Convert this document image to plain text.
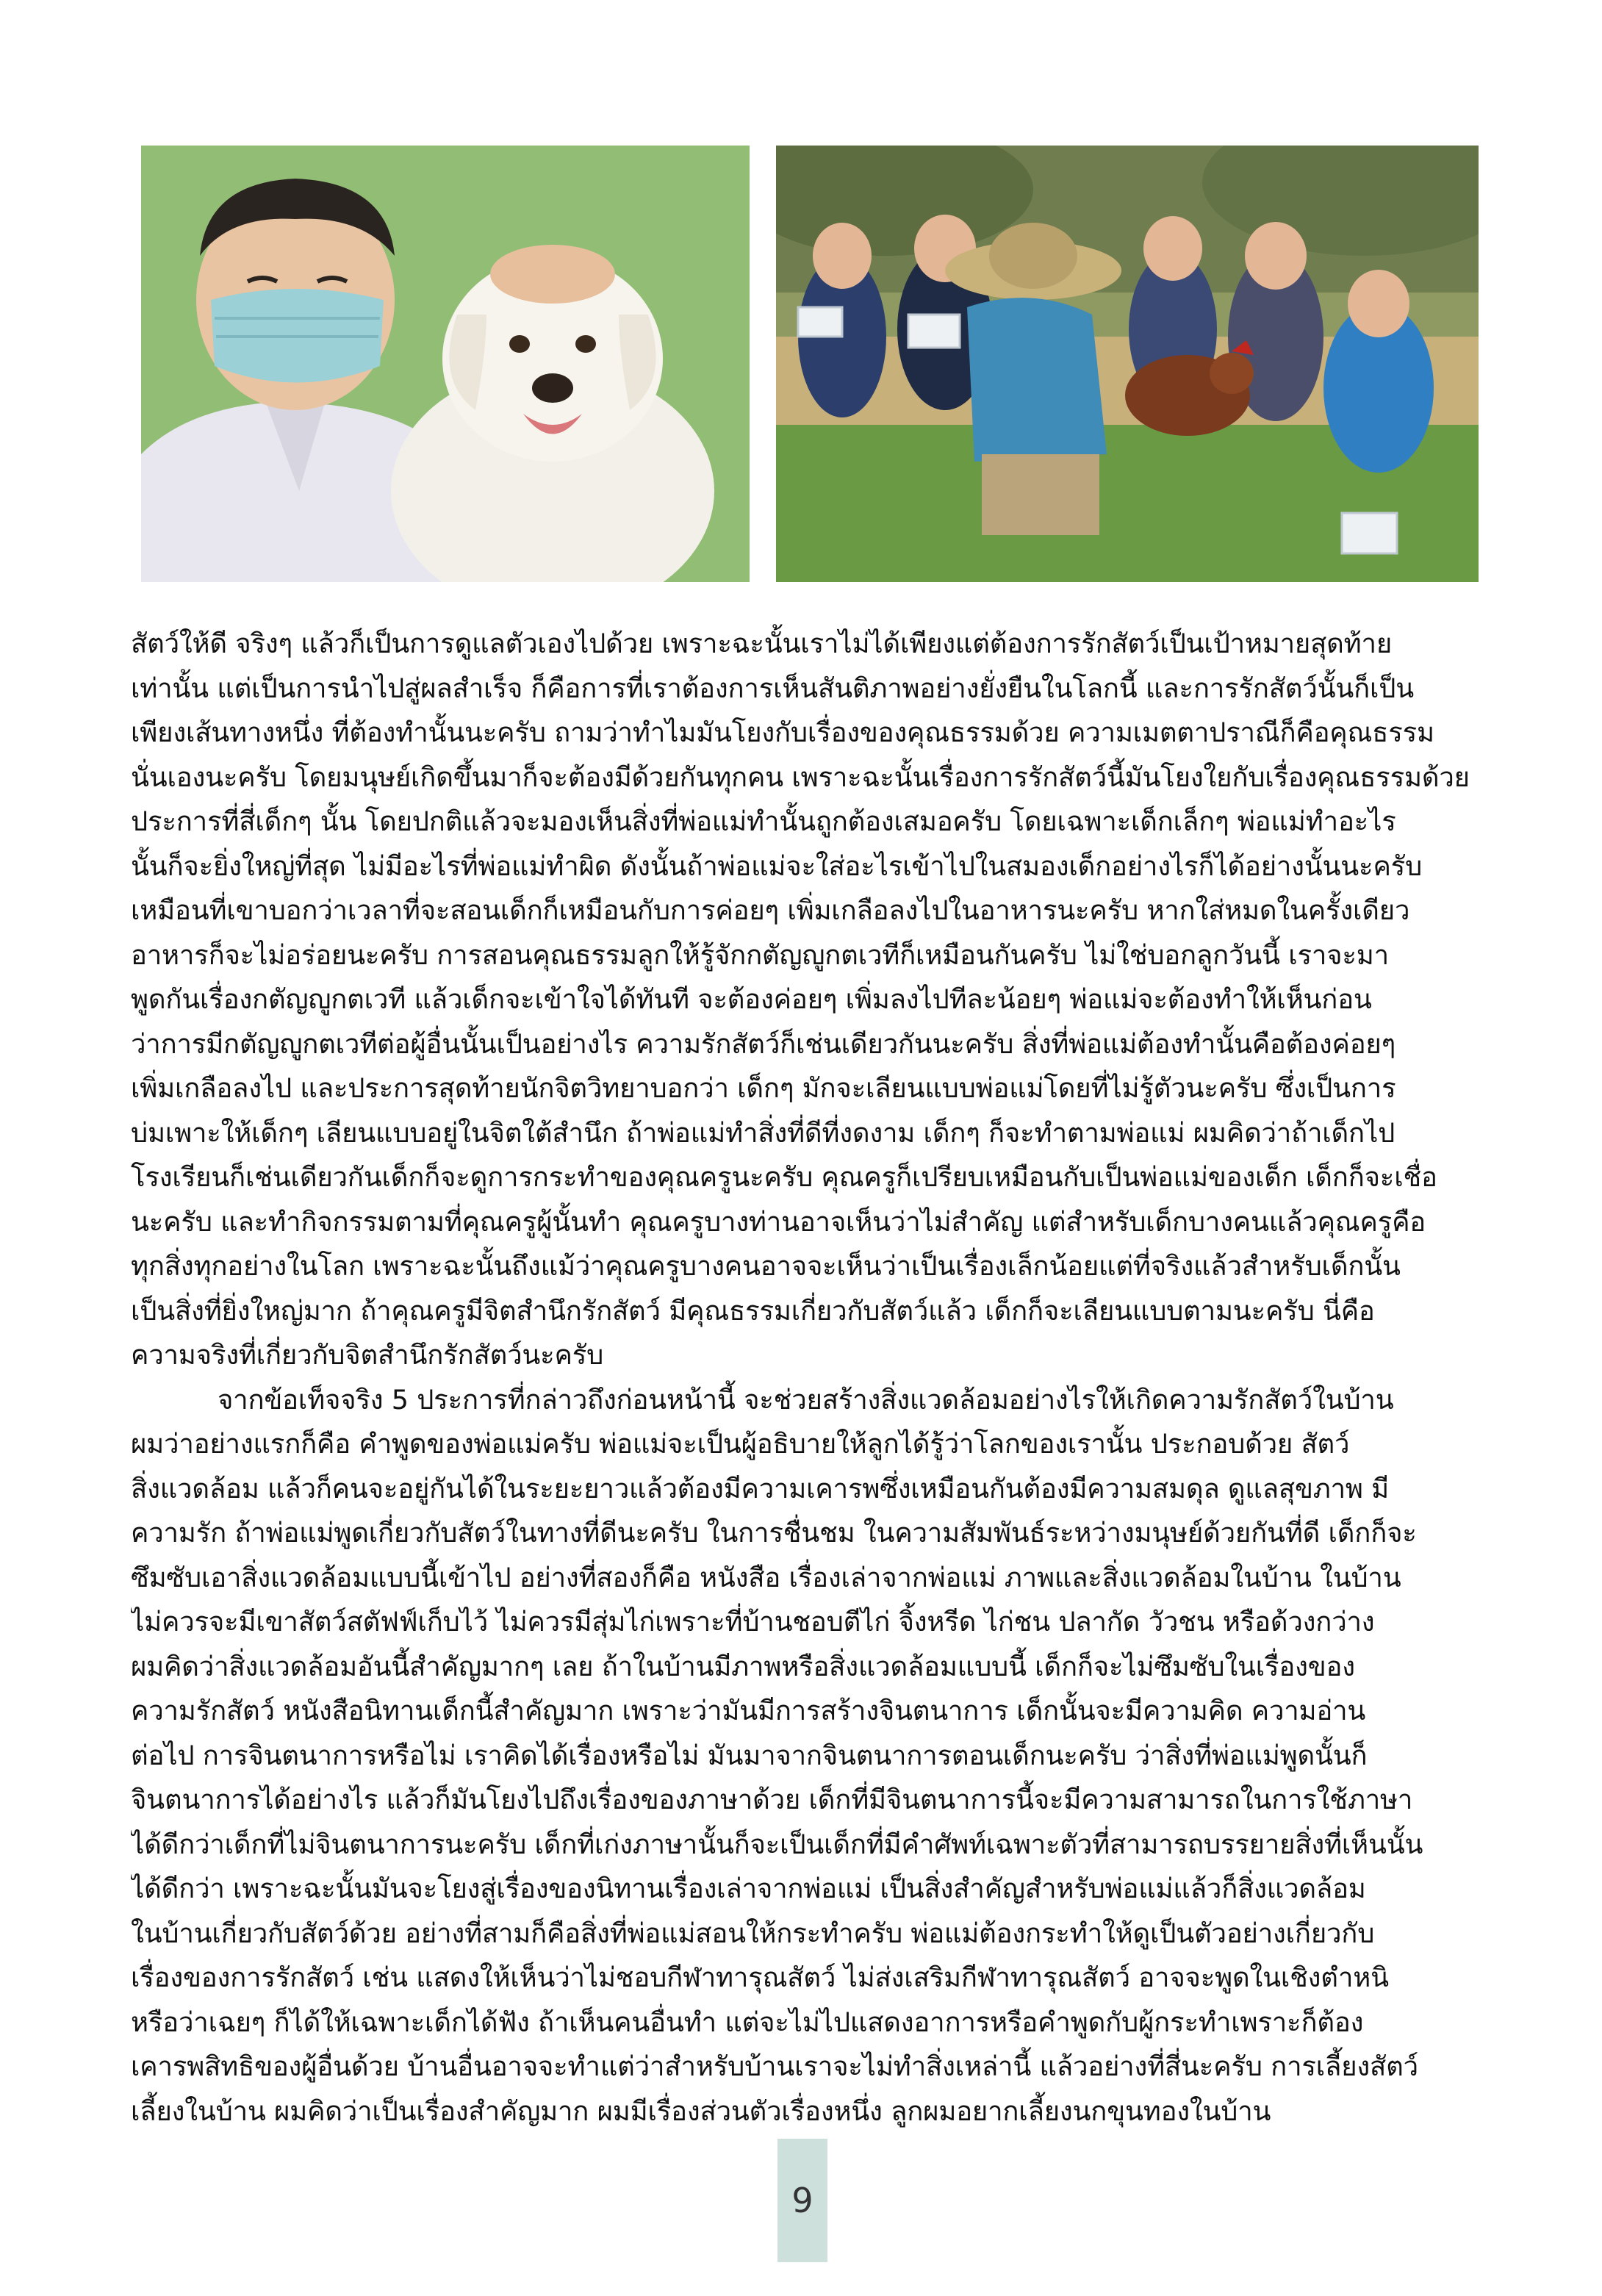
สัตว์ให้ดี จริงๆ แล้วก็เป็นการดูแลตัวเองไปด้วย เพราะฉะนั้นเราไม่ได้เพียงแต่ต้องการรักสัตว์เป็นเป้าหมายสุดท้าย
เท่านั้น แต่เป็นการนำไปสู่ผลสำเร็จ ก็คือการที่เราต้องการเห็นสันติภาพอย่างยั่งยืนในโลกนี้ และการรักสัตว์นั้นก็เป็น
เพียงเส้นทางหนึ่ง ที่ต้องทำนั้นนะครับ ถามว่าทำไมมันโยงกับเรื่องของคุณธรรมด้วย ความเมตตาปราณีก็คือคุณธรรม
นั่นเองนะครับ โดยมนุษย์เกิดขึ้นมาก็จะต้องมีด้วยกันทุกคน เพราะฉะนั้นเรื่องการรักสัตว์นี้มันโยงใยกับเรื่องคุณธรรมด้วย
ประการที่สี่เด็กๆ นั้น โดยปกติแล้วจะมองเห็นสิ่งที่พ่อแม่ทำนั้นถูกต้องเสมอครับ โดยเฉพาะเด็กเล็กๆ พ่อแม่ทำอะไร
นั้นก็จะยิ่งใหญ่ที่สุด ไม่มีอะไรที่พ่อแม่ทำผิด ดังนั้นถ้าพ่อแม่จะใส่อะไรเข้าไปในสมองเด็กอย่างไรก็ได้อย่างนั้นนะครับ
เหมือนที่เขาบอกว่าเวลาที่จะสอนเด็กก็เหมือนกับการค่อยๆ เพิ่มเกลือลงไปในอาหารนะครับ หากใส่หมดในครั้งเดียว
อาหารก็จะไม่อร่อยนะครับ การสอนคุณธรรมลูกให้รู้จักกตัญญูกตเวทีก็เหมือนกันครับ ไม่ใช่บอกลูกวันนี้ เราจะมา
พูดกันเรื่องกตัญญูกตเวที แล้วเด็กจะเข้าใจได้ทันที จะต้องค่อยๆ เพิ่มลงไปทีละน้อยๆ พ่อแม่จะต้องทำให้เห็นก่อน
ว่าการมีกตัญญูกตเวทีต่อผู้อื่นนั้นเป็นอย่างไร ความรักสัตว์ก็เช่นเดียวกันนะครับ สิ่งที่พ่อแม่ต้องทำนั้นคือต้องค่อยๆ
เพิ่มเกลือลงไป และประการสุดท้ายนักจิตวิทยาบอกว่า เด็กๆ มักจะเลียนแบบพ่อแม่โดยที่ไม่รู้ตัวนะครับ ซึ่งเป็นการ
บ่มเพาะให้เด็กๆ เลียนแบบอยู่ในจิตใต้สำนึก ถ้าพ่อแม่ทำสิ่งที่ดีที่งดงาม เด็กๆ ก็จะทำตามพ่อแม่ ผมคิดว่าถ้าเด็กไป
โรงเรียนก็เช่นเดียวกันเด็กก็จะดูการกระทำของคุณครูนะครับ คุณครูก็เปรียบเหมือนกับเป็นพ่อแม่ของเด็ก เด็กก็จะเชื่อ
นะครับ และทำกิจกรรมตามที่คุณครูผู้นั้นทำ คุณครูบางท่านอาจเห็นว่าไม่สำคัญ แต่สำหรับเด็กบางคนแล้วคุณครูคือ
ทุกสิ่งทุกอย่างในโลก เพราะฉะนั้นถึงแม้ว่าคุณครูบางคนอาจจะเห็นว่าเป็นเรื่องเล็กน้อยแต่ที่จริงแล้วสำหรับเด็กนั้น
เป็นสิ่งที่ยิ่งใหญ่มาก ถ้าคุณครูมีจิตสำนึกรักสัตว์ มีคุณธรรมเกี่ยวกับสัตว์แล้ว เด็กก็จะเลียนแบบตามนะครับ นี่คือ
ความจริงที่เกี่ยวกับจิตสำนึกรักสัตว์นะครับ
จากข้อเท็จจริง 5 ประการที่กล่าวถึงก่อนหน้านี้ จะช่วยสร้างสิ่งแวดล้อมอย่างไรให้เกิดความรักสัตว์ในบ้าน
ผมว่าอย่างแรกก็คือ คำพูดของพ่อแม่ครับ พ่อแม่จะเป็นผู้อธิบายให้ลูกได้รู้ว่าโลกของเรานั้น ประกอบด้วย สัตว์
สิ่งแวดล้อม แล้วก็คนจะอยู่กันได้ในระยะยาวแล้วต้องมีความเคารพซึ่งเหมือนกันต้องมีความสมดุล ดูแลสุขภาพ มี
ความรัก ถ้าพ่อแม่พูดเกี่ยวกับสัตว์ในทางที่ดีนะครับ ในการชื่นชม ในความสัมพันธ์ระหว่างมนุษย์ด้วยกันที่ดี เด็กก็จะ
ซึมซับเอาสิ่งแวดล้อมแบบนี้เข้าไป อย่างที่สองก็คือ หนังสือ เรื่องเล่าจากพ่อแม่ ภาพและสิ่งแวดล้อมในบ้าน ในบ้าน
ไม่ควรจะมีเขาสัตว์สตัฟฟ์เก็บไว้ ไม่ควรมีสุ่มไก่เพราะที่บ้านชอบตีไก่ จิ้งหรีด ไก่ชน ปลากัด วัวชน หรือด้วงกว่าง
ผมคิดว่าสิ่งแวดล้อมอันนี้สำคัญมากๆ เลย ถ้าในบ้านมีภาพหรือสิ่งแวดล้อมแบบนี้ เด็กก็จะไม่ซึมซับในเรื่องของ
ความรักสัตว์ หนังสือนิทานเด็กนี้สำคัญมาก เพราะว่ามันมีการสร้างจินตนาการ เด็กนั้นจะมีความคิด ความอ่าน
ต่อไป การจินตนาการหรือไม่ เราคิดได้เรื่องหรือไม่ มันมาจากจินตนาการตอนเด็กนะครับ ว่าสิ่งที่พ่อแม่พูดนั้นก็
จินตนาการได้อย่างไร แล้วก็มันโยงไปถึงเรื่องของภาษาด้วย เด็กที่มีจินตนาการนี้จะมีความสามารถในการใช้ภาษา
ได้ดีกว่าเด็กที่ไม่จินตนาการนะครับ เด็กที่เก่งภาษานั้นก็จะเป็นเด็กที่มีคำศัพท์เฉพาะตัวที่สามารถบรรยายสิ่งที่เห็นนั้น
ได้ดีกว่า เพราะฉะนั้นมันจะโยงสู่เรื่องของนิทานเรื่องเล่าจากพ่อแม่ เป็นสิ่งสำคัญสำหรับพ่อแม่แล้วก็สิ่งแวดล้อม
ในบ้านเกี่ยวกับสัตว์ด้วย อย่างที่สามก็คือสิ่งที่พ่อแม่สอนให้กระทำครับ พ่อแม่ต้องกระทำให้ดูเป็นตัวอย่างเกี่ยวกับ
เรื่องของการรักสัตว์ เช่น แสดงให้เห็นว่าไม่ชอบกีฬาทารุณสัตว์ ไม่ส่งเสริมกีฬาทารุณสัตว์ อาจจะพูดในเชิงตำหนิ
หรือว่าเฉยๆ ก็ได้ให้เฉพาะเด็กได้ฟัง ถ้าเห็นคนอื่นทำ แต่จะไม่ไปแสดงอาการหรือคำพูดกับผู้กระทำเพราะก็ต้อง
เคารพสิทธิของผู้อื่นด้วย บ้านอื่นอาจจะทำแต่ว่าสำหรับบ้านเราจะไม่ทำสิ่งเหล่านี้ แล้วอย่างที่สี่นะครับ การเลี้ยงสัตว์
เลี้ยงในบ้าน ผมคิดว่าเป็นเรื่องสำคัญมาก ผมมีเรื่องส่วนตัวเรื่องหนึ่ง ลูกผมอยากเลี้ยงนกขุนทองในบ้าน
9
